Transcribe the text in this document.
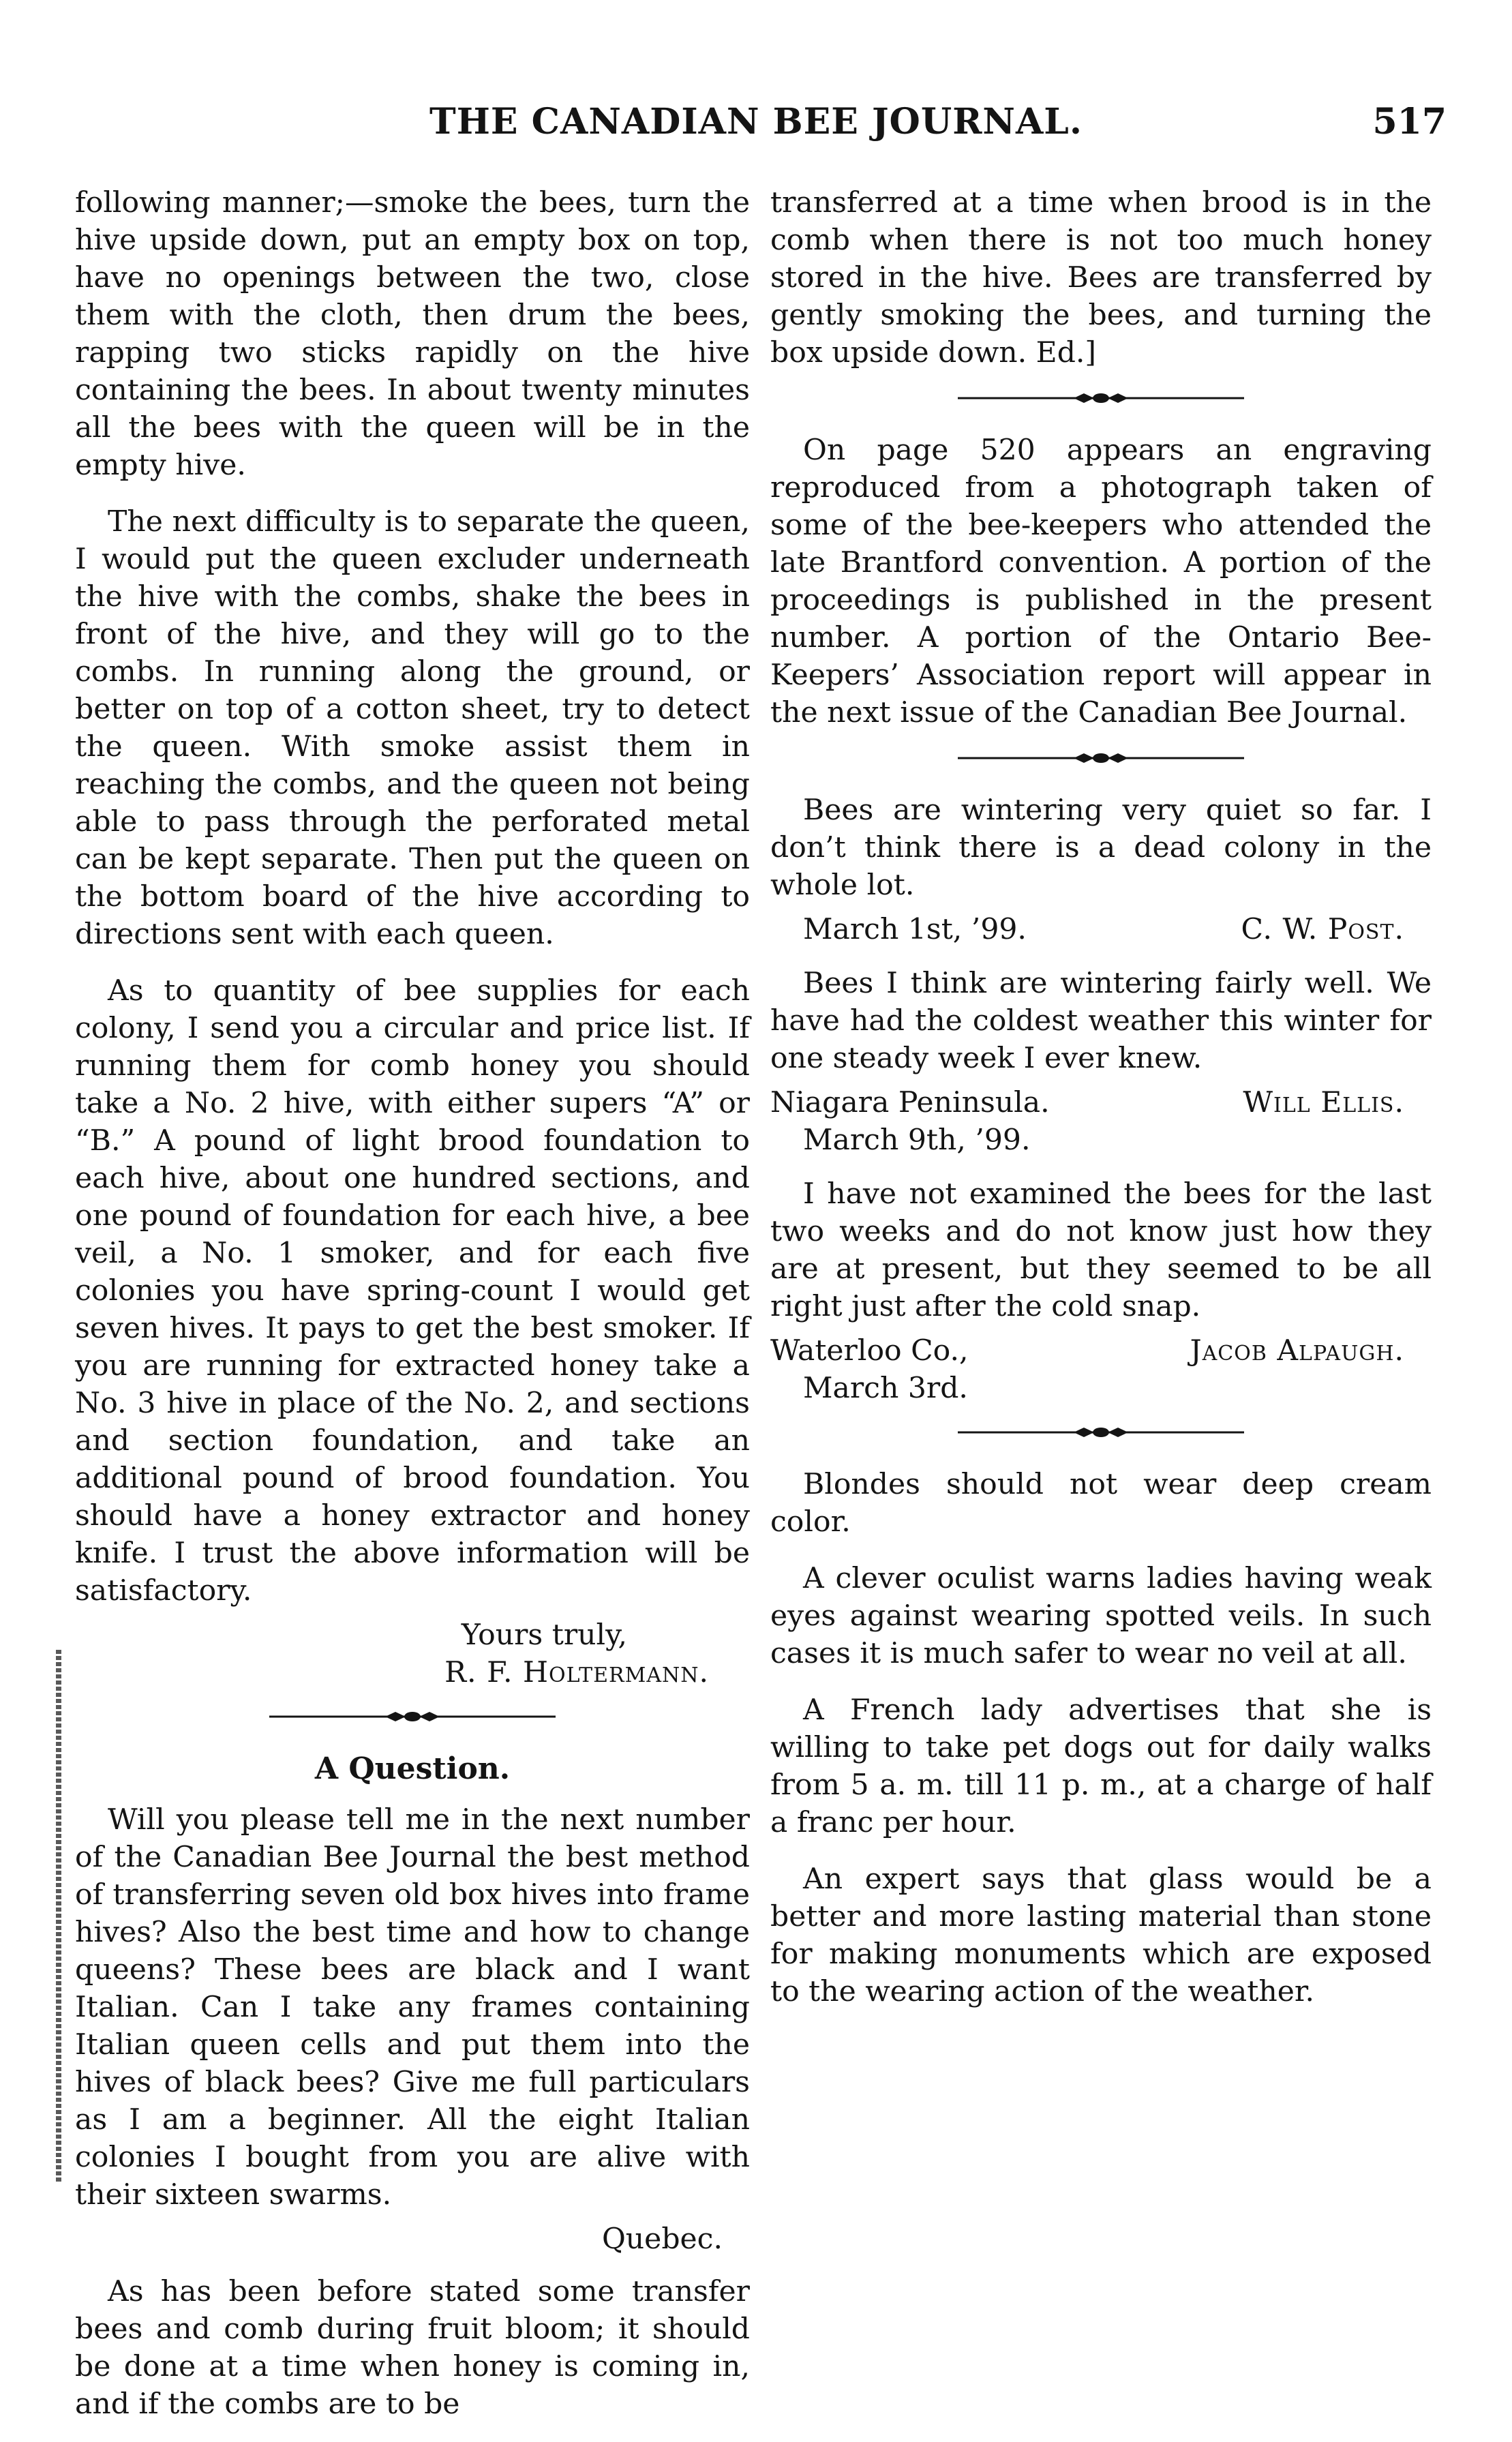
THE CANADIAN BEE JOURNAL.	517

following manner;—smoke the bees, turn the hive upside down, put an empty box on top, have no openings between the two, close them with the cloth, then drum the bees, rapping two sticks rapidly on the hive containing the bees. In about twenty minutes all the bees with the queen will be in the empty hive.

The next difficulty is to separate the queen, I would put the queen excluder underneath the hive with the combs, shake the bees in front of the hive, and they will go to the combs. In running along the ground, or better on top of a cotton sheet, try to detect the queen. With smoke assist them in reaching the combs, and the queen not being able to pass through the perforated metal can be kept separate. Then put the queen on the bottom board of the hive according to directions sent with each queen.

As to quantity of bee supplies for each colony, I send you a circular and price list. If running them for comb honey you should take a No. 2 hive, with either supers “A” or “B.” A pound of light brood foundation to each hive, about one hundred sections, and one pound of foundation for each hive, a bee veil, a No. 1 smoker, and for each five colonies you have spring-count I would get seven hives. It pays to get the best smoker. If you are running for extracted honey take a No. 3 hive in place of the No. 2, and sections and section foundation, and take an additional pound of brood foundation. You should have a honey extractor and honey knife. I trust the above information will be satisfactory.

Yours truly,
R. F. Holtermann.
A Question.

Will you please tell me in the next number of the Canadian Bee Journal the best method of transferring seven old box hives into frame hives? Also the best time and how to change queens? These bees are black and I want Italian. Can I take any frames containing Italian queen cells and put them into the hives of black bees? Give me full particulars as I am a beginner. All the eight Italian colonies I bought from you are alive with their sixteen swarms.

Quebec.

As has been before stated some transfer bees and comb during fruit bloom; it should be done at a time when honey is coming in, and if the combs are to be

transferred at a time when brood is in the comb when there is not too much honey stored in the hive. Bees are transferred by gently smoking the bees, and turning the box upside down. Ed.]

On page 520 appears an engraving reproduced from a photograph taken of some of the bee-keepers who attended the late Brantford convention. A portion of the proceedings is published in the present number. A portion of the Ontario Bee-Keepers’ Association report will appear in the next issue of the Canadian Bee Journal.

Bees are wintering very quiet so far. I don’t think there is a dead colony in the whole lot.

March 1st, ’99.	C. W. Post.

Bees I think are wintering fairly well. We have had the coldest weather this winter for one steady week I ever knew.

Niagara Peninsula.	Will Ellis.
March 9th, ’99.

I have not examined the bees for the last two weeks and do not know just how they are at present, but they seemed to be all right just after the cold snap.

Waterloo Co.,	Jacob Alpaugh.
March 3rd.

Blondes should not wear deep cream color.

A clever oculist warns ladies having weak eyes against wearing spotted veils. In such cases it is much safer to wear no veil at all.

A French lady advertises that she is willing to take pet dogs out for daily walks from 5 a. m. till 11 p. m., at a charge of half a franc per hour.

An expert says that glass would be a better and more lasting material than stone for making monuments which are exposed to the wearing action of the weather.
